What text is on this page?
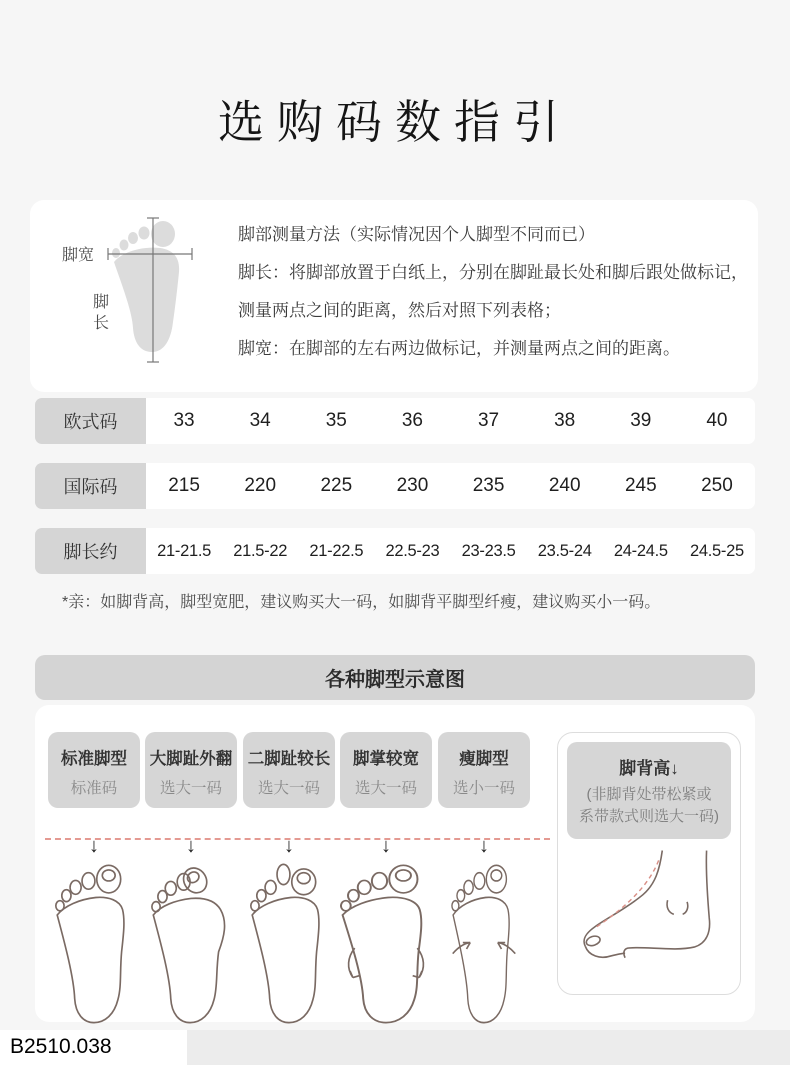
选购码数指引
脚宽
脚长
脚部测量方法（实际情况因个人脚型不同而已）
脚长：将脚部放置于白纸上，分别在脚趾最长处和脚后跟处做标记，
测量两点之间的距离，然后对照下列表格；
脚宽：在脚部的左右两边做标记，并测量两点之间的距离。
欧式码	33	34	35	36	37	38	39	40
国际码	215	220	225	230	235	240	245	250
脚长约	21-21.5	21.5-22	21-22.5	22.5-23	23-23.5	23.5-24	24-24.5	24.5-25
*亲：如脚背高，脚型宽肥，建议购买大一码，如脚背平脚型纤瘦，建议购买小一码。
各种脚型示意图
标准脚型
标准码
↓
大脚趾外翻
选大一码
↓
二脚趾较长
选大一码
↓
脚掌较宽
选大一码
↓
瘦脚型
选小一码
↓
脚背高↓
(非脚背处带松紧或
系带款式则选大一码)
B2510.038
